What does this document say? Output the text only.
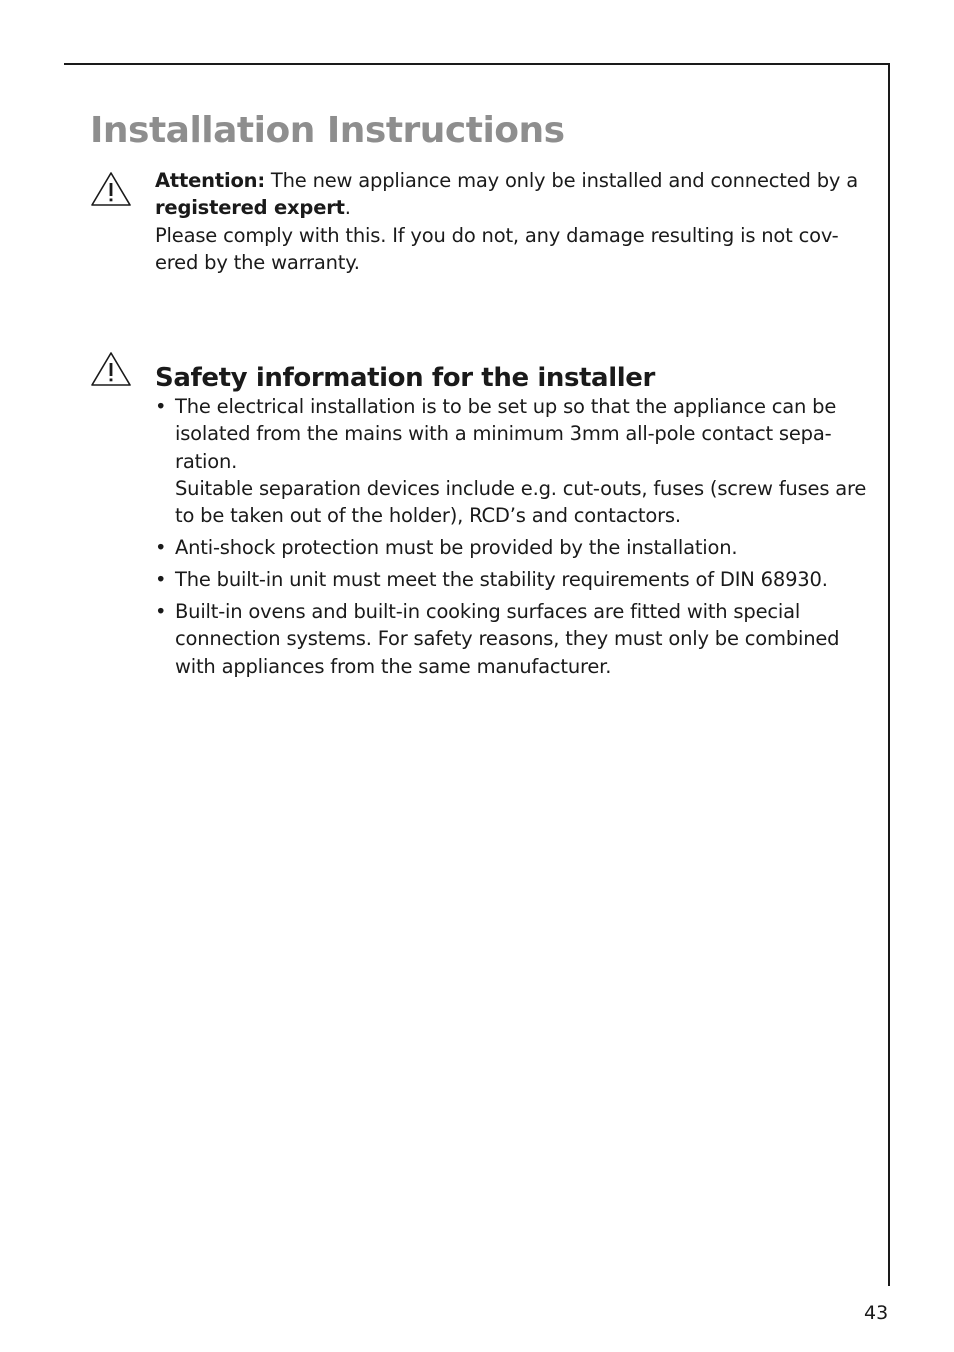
Installation Instructions

Attention: The new appliance may only be installed and connected by a registered expert.

Please comply with this. If you do not, any damage resulting is not cov-ered by the warranty.

Safety information for the installer
• The electrical installation is to be set up so that the appliance can be isolated from the mains with a minimum 3mm all-pole contact sepa-ration.

Suitable separation devices include e.g. cut-outs, fuses (screw fuses are to be taken out of the holder), RCD’s and contactors.

• Anti-shock protection must be provided by the installation.

• The built-in unit must meet the stability requirements of DIN 68930.

• Built-in ovens and built-in cooking surfaces are fitted with special connection systems. For safety reasons, they must only be combined with appliances from the same manufacturer.

43
